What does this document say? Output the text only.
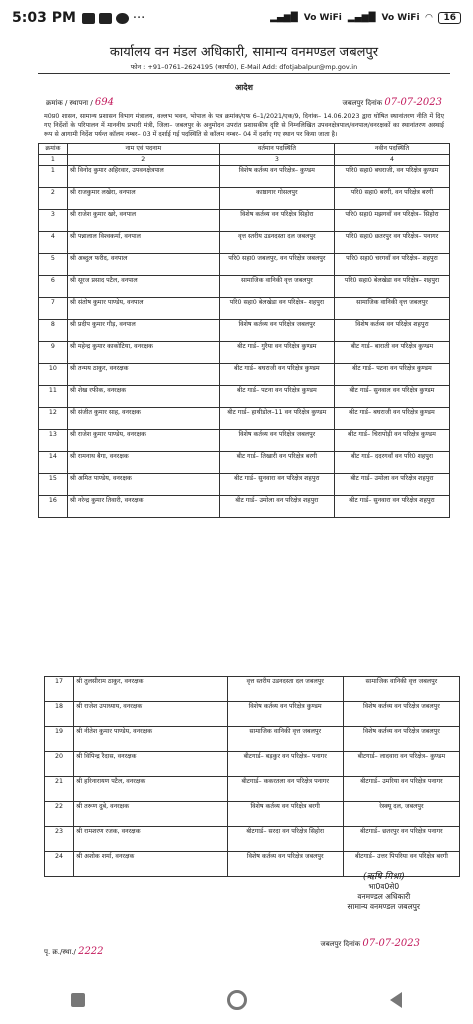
5:03 PM	···	▂▄▆█ Vo WiFi ▂▄▆█ Vo WiFi ◠	16
कार्यालय वन मंडल अधिकारी, सामान्य वनमण्डल जबलपुर
फोन : +91–0761–2624195 (कार्या0), E-Mail Add: dfotjabalpur@mp.gov.in
आदेश
क्रमांक / स्थापना / 694	जबलपुर दिनांक 07-07-2023
म0प्र0 शासन, सामान्य प्रशासन विभाग मंत्रालय, वल्लभ भवन, भोपाल के पत्र क्रमांक/एफ 6–1/2021/एक/9, दिनांक– 14.06.2023 द्वारा घोषित स्थानांतरण नीति में दिए गए निर्देशों के परिपालन में माननीय प्रभारी मंत्री, जिला– जबलपुर के अनुमोदन उपरांत प्रशासकीय दृष्टि से निम्नलिखित उपवनक्षेत्रपाल/वनपाल/वनरक्षकों का स्थानांतरण अस्थाई रूप से आगामी निर्देश पर्यन्त कॉलम नम्बर– 03 में दर्शाई गई पदस्थिति से कॉलम नम्बर– 04 में दर्शाए गए स्थान पर किया जाता है।
क्रमांक	नाम एवं पदनाम	वर्तमान पदस्थिति	नवीन पदस्थिति
1	2	3	4
1	श्री विनोद कुमार अहिरवार, उपवनक्षेत्रपाल	विशेष कर्तव्य वन परिक्षेत्र– कुण्डम	परि0 सहा0 बघराजी, वन परिक्षेत्र कुण्डम
2	श्री राजकुमार लखेरा, वनपाल	काष्ठागार गोसलपुर	परि0 सहा0 बरगी, वन परिक्षेत्र बरगी
3	श्री राजेश कुमार खरे, वनपाल	विशेष कर्तव्य वन परिक्षेत्र सिहोरा	परि0 सहा0 मझगवाँ वन परिक्षेत्र– सिहोरा
4	श्री पन्नालाल विश्वकर्मा, वनपाल	वृत्त स्तरीय उडनदस्ता दल जबलपुर	परि0 सहा0 छतरपुर वन परिक्षेत्र– पनागर
5	श्री अब्दुल फरीद, वनपाल	परि0 सहा0 जबलपुर, वन परिक्षेत्र जबलपुर	परि0 सहा0 चरगवाँ वन परिक्षेत्र– शहपुरा
6	श्री सूरज प्रसाद पटैल, वनपाल	सामाजिक वानिकी वृत्त जबलपुर	परि0 सहा0 बेलखेडा वन परिक्षेत्र– शहपुरा
7	श्री संतोष कुमार पाण्डेय, वनपाल	परि0 सहा0 बेलखेडा वन परिक्षेत्र– शहपुरा	सामाजिक वानिकी वृत्त जबलपुर
8	श्री प्रदीप कुमार गौड़, वनपाल	विशेष कर्तव्य वन परिक्षेत्र जबलपुर	विशेष कर्तव्य वन परिक्षेत्र शहपुरा
9	श्री महेन्द्र कुमार काकोटिया, वनरक्षक	बीट गार्ड– गुरैया वन परिक्षेत्र कुण्डम	बीट गार्ड– बाराती वन परिक्षेत्र कुण्डम
10	श्री तन्मय ठाकुर, वनरक्षक	बीट गार्ड– बघराजी वन परिक्षेत्र कुण्डम	बीट गार्ड– पटना वन परिक्षेत्र कुण्डम
11	श्री शेख रफीक, वनरक्षक	बीट गार्ड– पटना वन परिक्षेत्र कुण्डम	बीट गार्ड– सुनवाल वन परिक्षेत्र कुण्डम
12	श्री संजीत कुमार साह, वनरक्षक	बीट गार्ड– हाथीडोल–11 वन परिक्षेत्र कुण्डम	बीट गार्ड– बघराजी वन परिक्षेत्र कुण्डम
13	श्री राजेश कुमार पाण्डेय, वनरक्षक	विशेष कर्तव्य वन परिक्षेत्र जबलपुर	बीट गार्ड– चिरापोड़ी वन परिक्षेत्र कुण्डम
14	श्री रामनाथ बैगा, वनरक्षक	बीट गार्ड– तिखारी वन परिक्षेत्र बरगी	बीट गार्ड– ददरगवाँ वन परि0 शहपुरा
15	श्री अमित पाण्डेय, वनरक्षक	बीट गार्ड– सुनवारा वन परिक्षेत्र शहपुरा	बीट गार्ड– उमोला वन परिक्षेत्र शहपुरा
16	श्री नरेन्द्र कुमार तिवारी, वनरक्षक	बीट गार्ड– उमोला वन परिक्षेत्र शहपुरा	बीट गार्ड– सुनवारा वन परिक्षेत्र शहपुरा
17	श्री तुलसीराम ठाकुर, वनरक्षक	वृत्त स्तरीय उडनदस्ता दल जबलपुर	सामाजिक वानिकी वृत्त जबलपुर
18	श्री राजेश उपाध्याय, वनरक्षक	विशेष कर्तव्य वन परिक्षेत्र कुण्डम	विशेष कर्तव्य वन परिक्षेत्र जबलपुर
19	श्री नीतेश कुमार पाण्डेय, वनरक्षक	सामाजिक वानिकी वृत्त जबलपुर	विशेष कर्तव्य वन परिक्षेत्र जबलपुर
20	श्री विपिन्द्र रैदास, वनरक्षक	बीटगार्ड– बड़कुर वन परिक्षेत्र– पनागर	बीटगार्ड– लादवारा वन परिक्षेत्र– कुण्डम
21	श्री हरिनारायण पटैल, वनरक्षक	बीटगार्ड– ककरतला वन परिक्षेत्र पनागर	बीटगार्ड– उमरिया वन परिक्षेत्र पनागर
22	श्री तरूण दुबे, वनरक्षक	विशेष कर्तव्य वन परिक्षेत्र बरगी	रेस्क्यू दल, जबलपुर
23	श्री रामशरण रजक, वनरक्षक	बीटगार्ड– सरदा वन परिक्षेत्र सिहोरा	बीटगार्ड– छतरपुर वन परिक्षेत्र पनागर
24	श्री अशोक शर्मा, वनरक्षक	विशेष कर्तव्य वन परिक्षेत्र जबलपुर	बीटगार्ड– उत्तर पिपरिया वन परिक्षेत्र बरगी
(ऋषि मिश्रा)
भा0व0से0
वनमण्डल अधिकारी
सामान्य वनमण्डल जबलपुर
जबलपुर दिनांक 07-07-2023
पृ. क्र./स्था./ 2222
